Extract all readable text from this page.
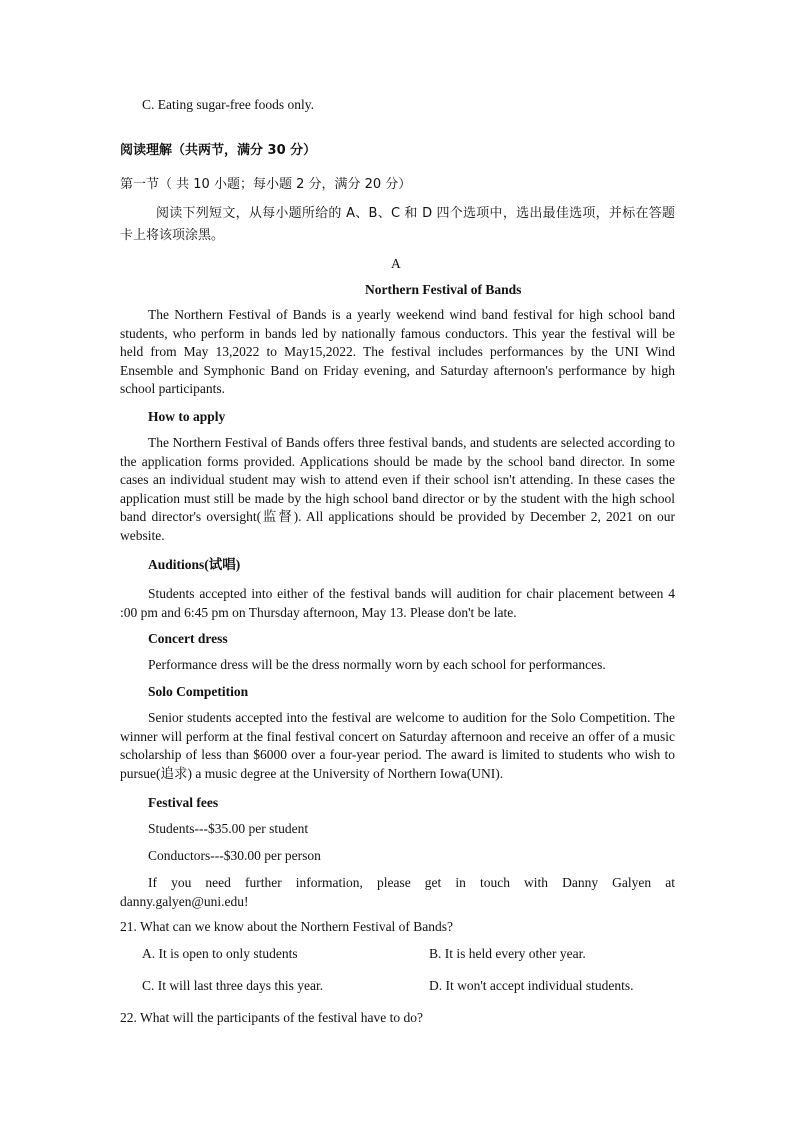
C. Eating sugar-free foods only.
阅读理解（共两节，满分 30 分）
第一节（ 共 10 小题；每小题 2 分，满分 20 分）
阅读下列短文，从每小题所给的 A、B、C 和 D 四个选项中，选出最佳选项，并标在答题卡上将该项涂黑。
A
Northern Festival of Bands
The Northern Festival of Bands is a yearly weekend wind band festival for high school band students, who perform in bands led by nationally famous conductors. This year the festival will be held from May 13,2022 to May15,2022. The festival includes performances by the UNI Wind Ensemble and Symphonic Band on Friday evening, and Saturday afternoon's performance by high school participants.
How to apply
The Northern Festival of Bands offers three festival bands, and students are selected according to the application forms provided. Applications should be made by the school band director. In some cases an individual student may wish to attend even if their school isn't attending. In these cases the application must still be made by the high school band director or by the student with the high school band director's oversight(监督). All applications should be provided by December 2, 2021 on our website.
Auditions(试唱)
Students accepted into either of the festival bands will audition for chair placement between 4 :00 pm and 6:45 pm on Thursday afternoon, May 13. Please don't be late.
Concert dress
Performance dress will be the dress normally worn by each school for performances.
Solo Competition
Senior students accepted into the festival are welcome to audition for the Solo Competition. The winner will perform at the final festival concert on Saturday afternoon and receive an offer of a music scholarship of less than $6000 over a four-year period. The award is limited to students who wish to pursue(追求) a music degree at the University of Northern Iowa(UNI).
Festival fees
Students---$35.00 per student
Conductors---$30.00 per person
If you need further information, please get in touch with Danny Galyen at danny.galyen@uni.edu!
21. What can we know about the Northern Festival of Bands?
A. It is open to only students	B. It is held every other year.
C. It will last three days this year.	D. It won't accept individual students.
22. What will the participants of the festival have to do?
